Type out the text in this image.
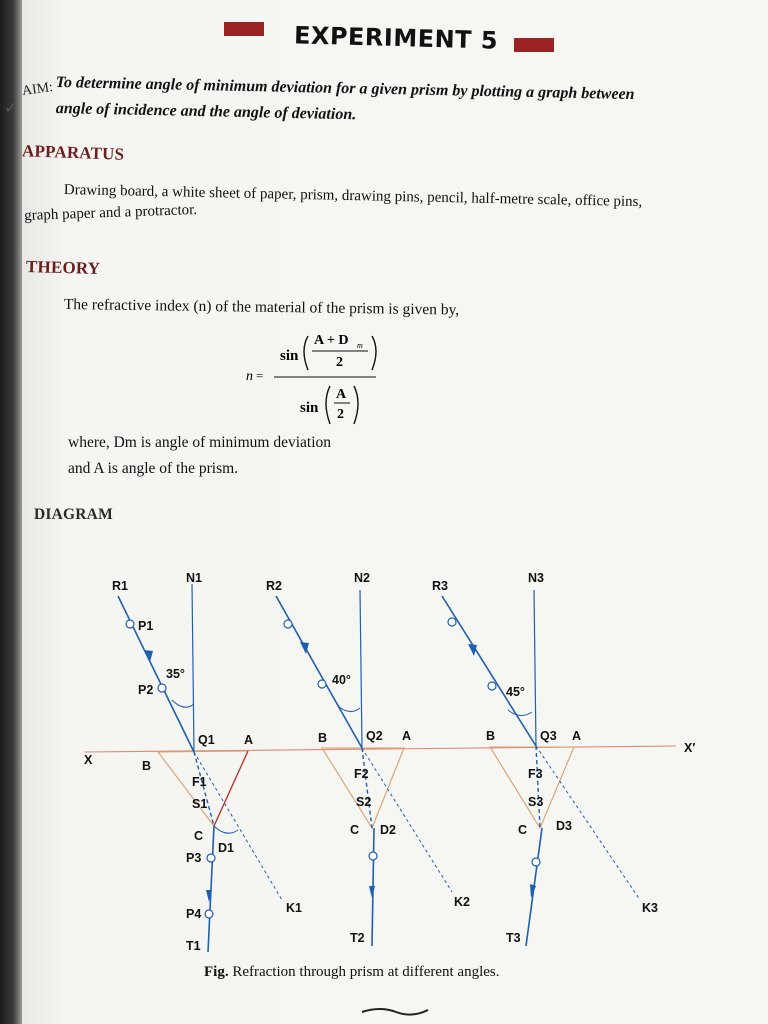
EXPERIMENT 5
AIM:
✓
To determine angle of minimum deviation for a given prism by plotting a graph between
angle of incidence and the angle of deviation.
APPARATUS
Drawing board, a white sheet of paper, prism, drawing pins, pencil, half-metre scale, office pins,
graph paper and a protractor.
THEORY
The refractive index (n) of the material of the prism is given by,
n =
sin
A + D m
2
sin
A
2
where, Dm is angle of minimum deviation
and A is angle of the prism.
DIAGRAM
X
X′
R1
N1
P1
P2
35°
Q1 A
B
F1
S1
C
D1
P3
P4	K1
T1
R2
N2
40°
Q2 A
B
F2
S2
C D2
K2
T2
R3
N3
45°
Q3 A
B
F3
S3
C D3
K3
T3
Fig. Refraction through prism at different angles.
